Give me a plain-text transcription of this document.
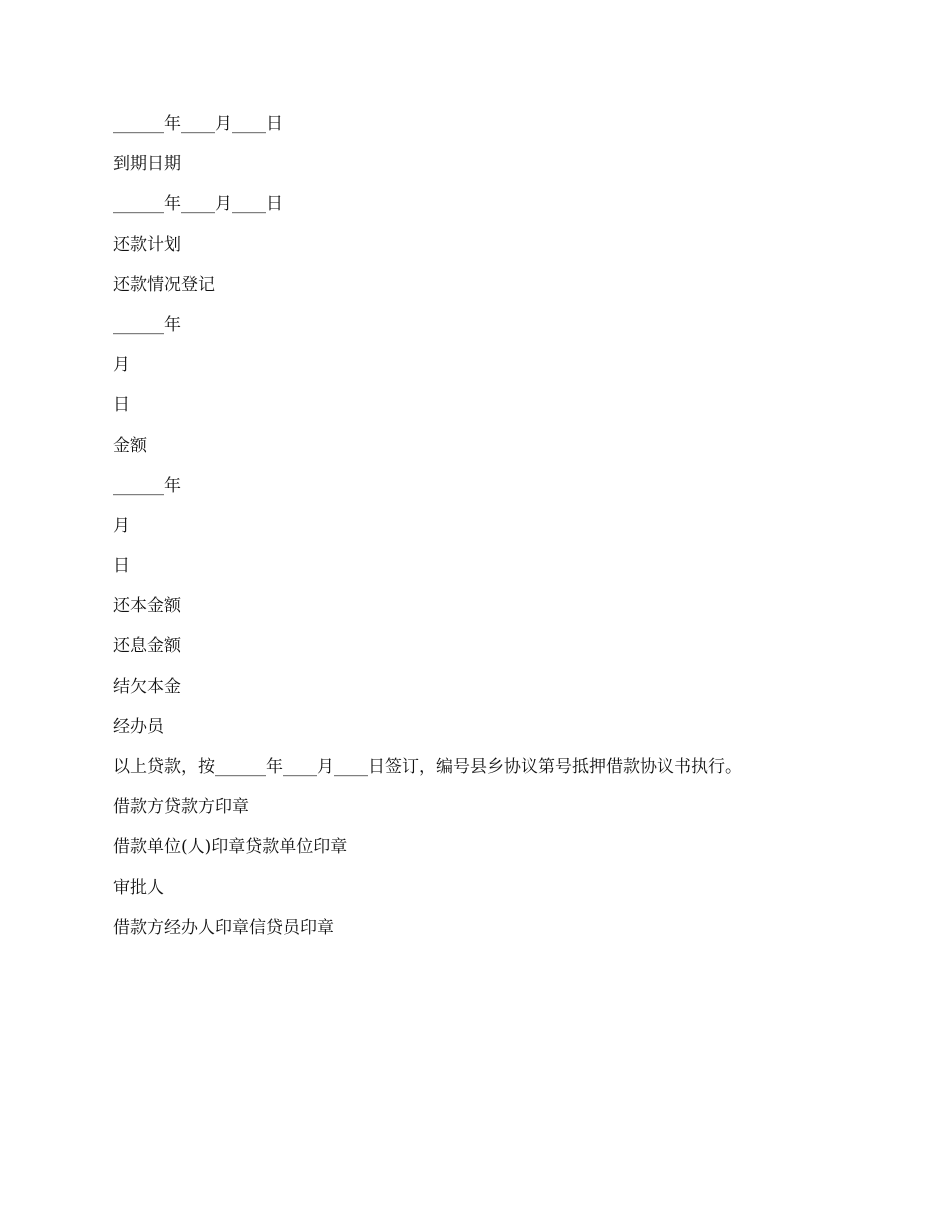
______年____月____日
到期日期
______年____月____日
还款计划
还款情况登记
______年
月
日
金额
______年
月
日
还本金额
还息金额
结欠本金
经办员
以上贷款，按______年____月____日签订，编号县乡协议第号抵押借款协议书执行。
借款方贷款方印章
借款单位(人)印章贷款单位印章
审批人
借款方经办人印章信贷员印章
